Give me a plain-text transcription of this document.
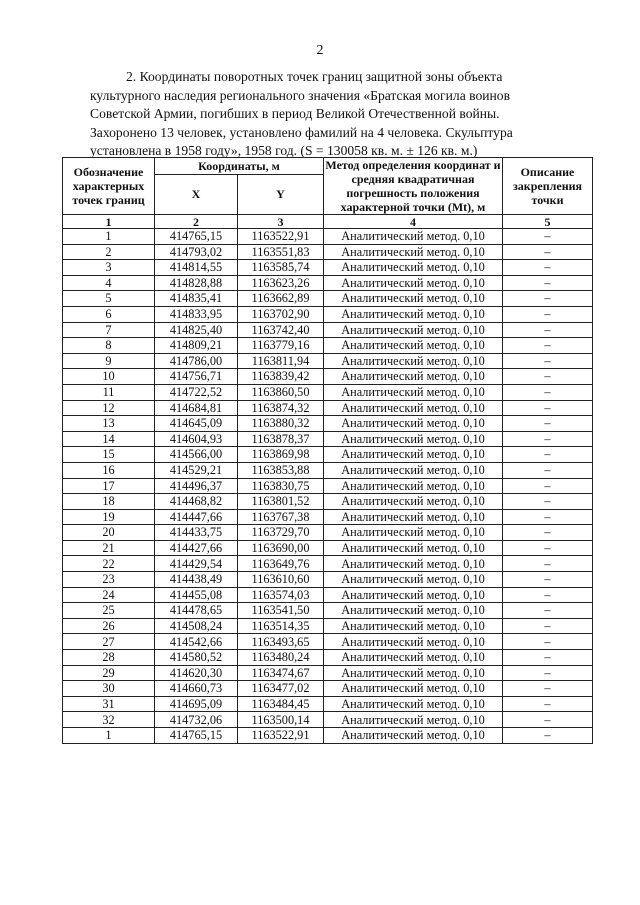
2

2. Координаты поворотных точек границ защитной зоны объекта культурного наследия регионального значения «Братская могила воинов Советской Армии, погибших в период Великой Отечественной войны. Захоронено 13 человек, установлено фамилий на 4 человека. Скульптура установлена в 1958 году», 1958 год. (S = 130058 кв. м. ± 126 кв. м.)

Обозначение характерных точек границ	Координаты, м		Метод определения координат и средняя квадратичная погрешность положения характерной точки (Mt), м	Описание закрепления точки
	X	Y		
1	2	3	4	5
1	414765,15	1163522,91	Аналитический метод. 0,10	–
2	414793,02	1163551,83	Аналитический метод. 0,10	–
3	414814,55	1163585,74	Аналитический метод. 0,10	–
4	414828,88	1163623,26	Аналитический метод. 0,10	–
5	414835,41	1163662,89	Аналитический метод. 0,10	–
6	414833,95	1163702,90	Аналитический метод. 0,10	–
7	414825,40	1163742,40	Аналитический метод. 0,10	–
8	414809,21	1163779,16	Аналитический метод. 0,10	–
9	414786,00	1163811,94	Аналитический метод. 0,10	–
10	414756,71	1163839,42	Аналитический метод. 0,10	–
11	414722,52	1163860,50	Аналитический метод. 0,10	–
12	414684,81	1163874,32	Аналитический метод. 0,10	–
13	414645,09	1163880,32	Аналитический метод. 0,10	–
14	414604,93	1163878,37	Аналитический метод. 0,10	–
15	414566,00	1163869,98	Аналитический метод. 0,10	–
16	414529,21	1163853,88	Аналитический метод. 0,10	–
17	414496,37	1163830,75	Аналитический метод. 0,10	–
18	414468,82	1163801,52	Аналитический метод. 0,10	–
19	414447,66	1163767,38	Аналитический метод. 0,10	–
20	414433,75	1163729,70	Аналитический метод. 0,10	–
21	414427,66	1163690,00	Аналитический метод. 0,10	–
22	414429,54	1163649,76	Аналитический метод. 0,10	–
23	414438,49	1163610,60	Аналитический метод. 0,10	–
24	414455,08	1163574,03	Аналитический метод. 0,10	–
25	414478,65	1163541,50	Аналитический метод. 0,10	–
26	414508,24	1163514,35	Аналитический метод. 0,10	–
27	414542,66	1163493,65	Аналитический метод. 0,10	–
28	414580,52	1163480,24	Аналитический метод. 0,10	–
29	414620,30	1163474,67	Аналитический метод. 0,10	–
30	414660,73	1163477,02	Аналитический метод. 0,10	–
31	414695,09	1163484,45	Аналитический метод. 0,10	–
32	414732,06	1163500,14	Аналитический метод. 0,10	–
1	414765,15	1163522,91	Аналитический метод. 0,10	–
